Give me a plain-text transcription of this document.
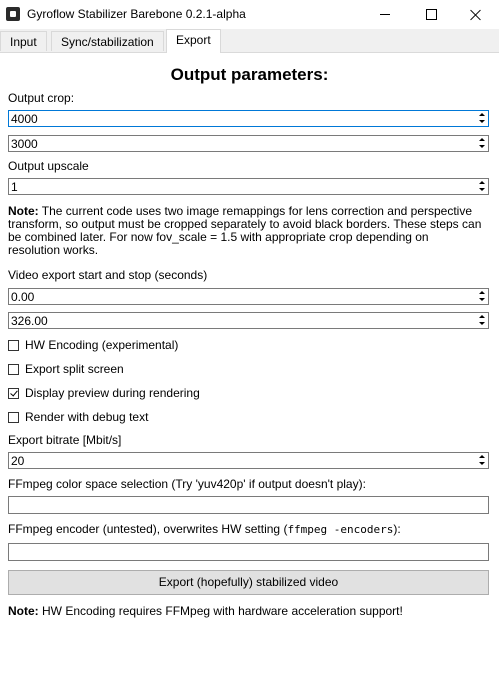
Gyroflow Stabilizer Barebone 0.2.1-alpha
Input	Sync/stabilization	Export
Output parameters:
Output crop:
4000
3000
Output upscale
1
Note: The current code uses two image remappings for lens correction and perspective transform, so output must be cropped separately to avoid black borders. These steps can be combined later. For now fov_scale = 1.5 with appropriate crop depending on resolution works.
Video export start and stop (seconds)
0.00
326.00
HW Encoding (experimental)
Export split screen
Display preview during rendering
Render with debug text
Export bitrate [Mbit/s]
20
FFmpeg color space selection (Try 'yuv420p' if output doesn't play):
FFmpeg encoder (untested), overwrites HW setting (ffmpeg -encoders):
Export (hopefully) stabilized video
Note: HW Encoding requires FFMpeg with hardware acceleration support!
